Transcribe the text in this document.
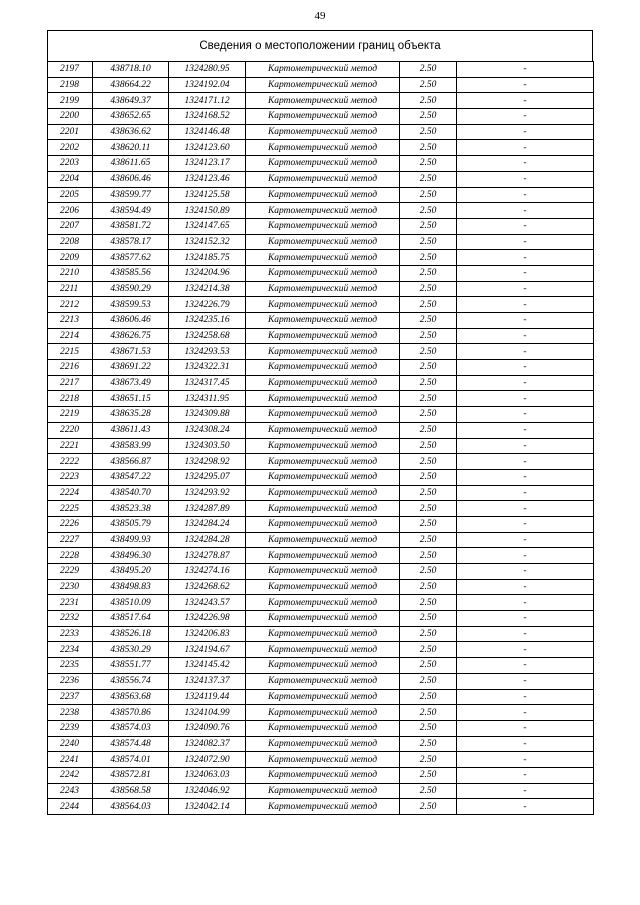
49
Сведения о местоположении границ объекта
2197	438718.10	1324280.95	Картометрический метод	2.50	-
2198	438664.22	1324192.04	Картометрический метод	2.50	-
2199	438649.37	1324171.12	Картометрический метод	2.50	-
2200	438652.65	1324168.52	Картометрический метод	2.50	-
2201	438636.62	1324146.48	Картометрический метод	2.50	-
2202	438620.11	1324123.60	Картометрический метод	2.50	-
2203	438611.65	1324123.17	Картометрический метод	2.50	-
2204	438606.46	1324123.46	Картометрический метод	2.50	-
2205	438599.77	1324125.58	Картометрический метод	2.50	-
2206	438594.49	1324150.89	Картометрический метод	2.50	-
2207	438581.72	1324147.65	Картометрический метод	2.50	-
2208	438578.17	1324152.32	Картометрический метод	2.50	-
2209	438577.62	1324185.75	Картометрический метод	2.50	-
2210	438585.56	1324204.96	Картометрический метод	2.50	-
2211	438590.29	1324214.38	Картометрический метод	2.50	-
2212	438599.53	1324226.79	Картометрический метод	2.50	-
2213	438606.46	1324235.16	Картометрический метод	2.50	-
2214	438626.75	1324258.68	Картометрический метод	2.50	-
2215	438671.53	1324293.53	Картометрический метод	2.50	-
2216	438691.22	1324322.31	Картометрический метод	2.50	-
2217	438673.49	1324317.45	Картометрический метод	2.50	-
2218	438651.15	1324311.95	Картометрический метод	2.50	-
2219	438635.28	1324309.88	Картометрический метод	2.50	-
2220	438611.43	1324308.24	Картометрический метод	2.50	-
2221	438583.99	1324303.50	Картометрический метод	2.50	-
2222	438566.87	1324298.92	Картометрический метод	2.50	-
2223	438547.22	1324295.07	Картометрический метод	2.50	-
2224	438540.70	1324293.92	Картометрический метод	2.50	-
2225	438523.38	1324287.89	Картометрический метод	2.50	-
2226	438505.79	1324284.24	Картометрический метод	2.50	-
2227	438499.93	1324284.28	Картометрический метод	2.50	-
2228	438496.30	1324278.87	Картометрический метод	2.50	-
2229	438495.20	1324274.16	Картометрический метод	2.50	-
2230	438498.83	1324268.62	Картометрический метод	2.50	-
2231	438510.09	1324243.57	Картометрический метод	2.50	-
2232	438517.64	1324226.98	Картометрический метод	2.50	-
2233	438526.18	1324206.83	Картометрический метод	2.50	-
2234	438530.29	1324194.67	Картометрический метод	2.50	-
2235	438551.77	1324145.42	Картометрический метод	2.50	-
2236	438556.74	1324137.37	Картометрический метод	2.50	-
2237	438563.68	1324119.44	Картометрический метод	2.50	-
2238	438570.86	1324104.99	Картометрический метод	2.50	-
2239	438574.03	1324090.76	Картометрический метод	2.50	-
2240	438574.48	1324082.37	Картометрический метод	2.50	-
2241	438574.01	1324072.90	Картометрический метод	2.50	-
2242	438572.81	1324063.03	Картометрический метод	2.50	-
2243	438568.58	1324046.92	Картометрический метод	2.50	-
2244	438564.03	1324042.14	Картометрический метод	2.50	-
